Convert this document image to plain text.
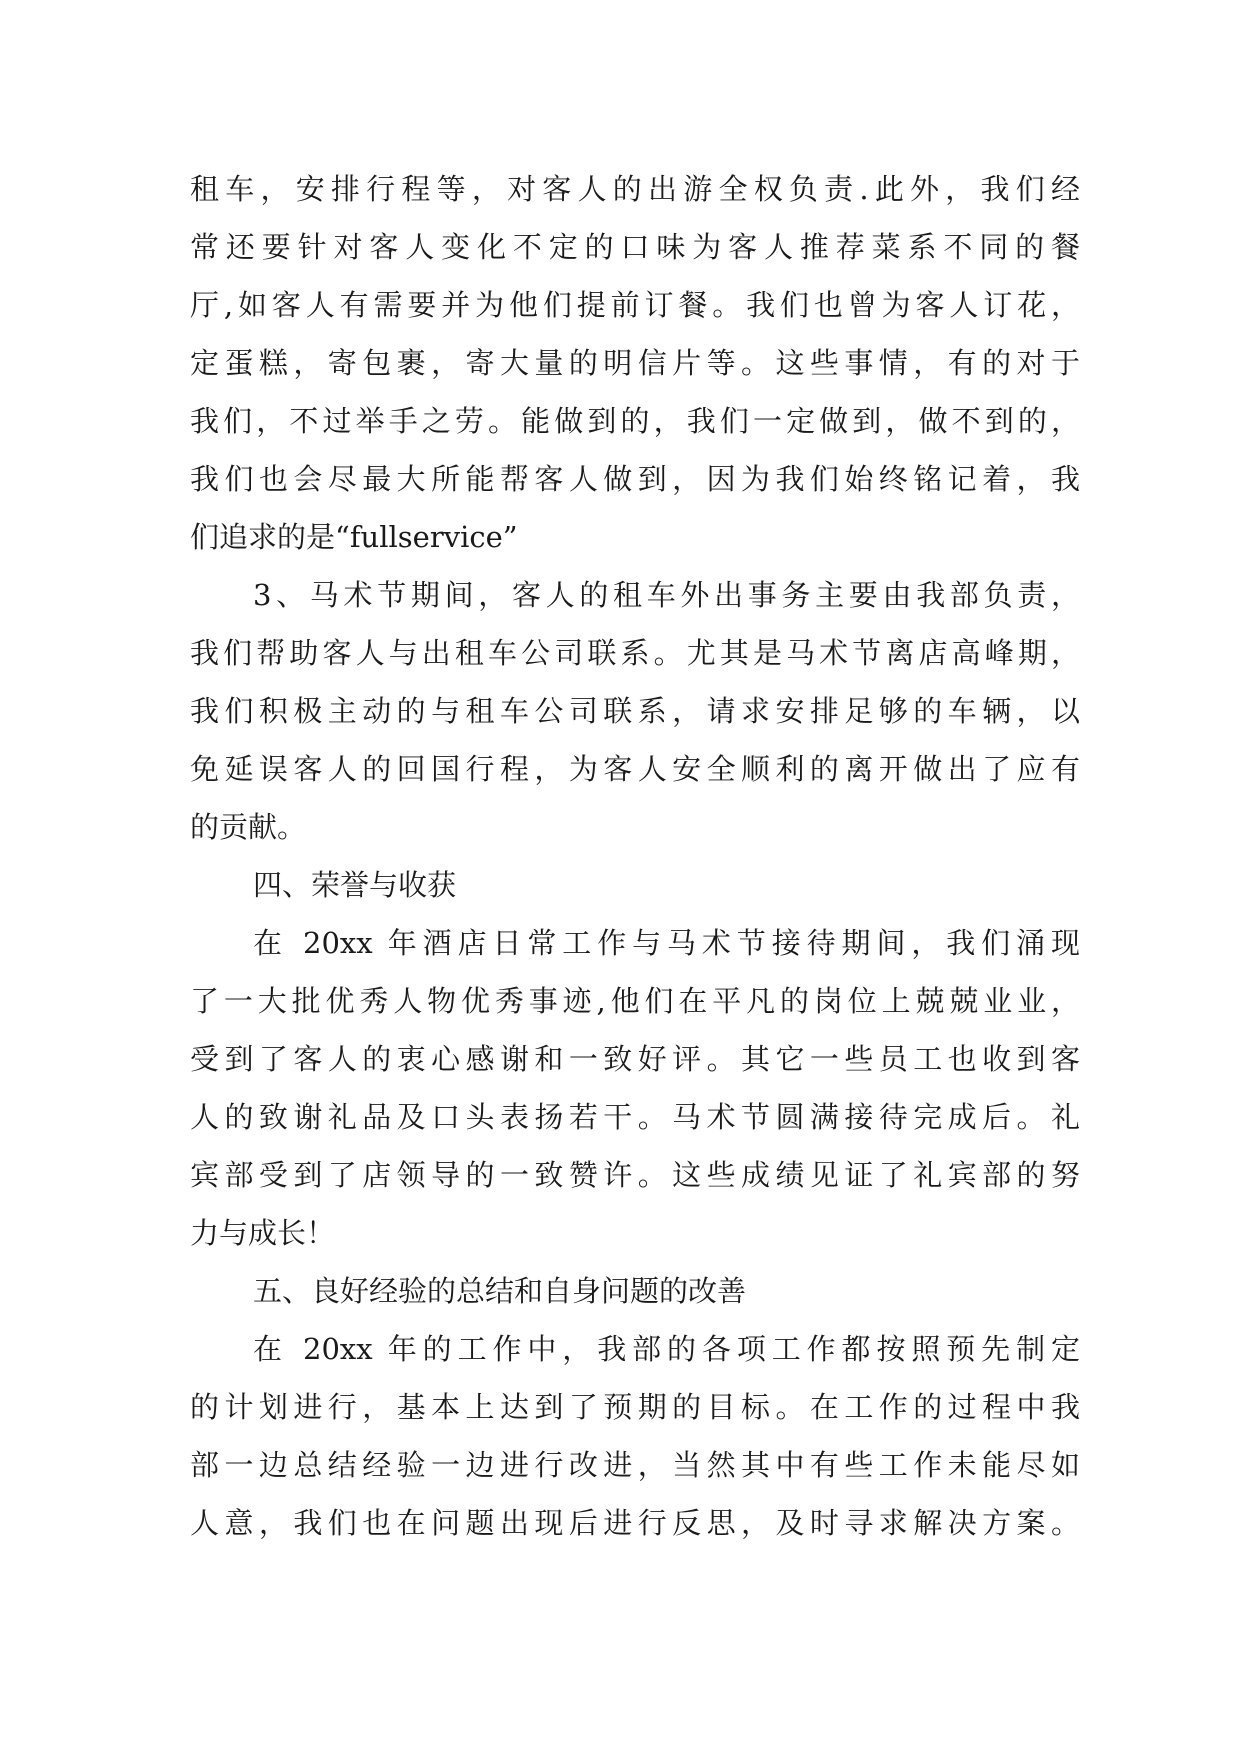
租车，安排行程等，对客人的出游全权负责.此外，我们经
常还要针对客人变化不定的口味为客人推荐菜系不同的餐
厅,如客人有需要并为他们提前订餐。我们也曾为客人订花，
定蛋糕，寄包裹，寄大量的明信片等。这些事情，有的对于
我们，不过举手之劳。能做到的，我们一定做到，做不到的，
我们也会尽最大所能帮客人做到，因为我们始终铭记着，我
们追求的是“fullservice”
3、马术节期间，客人的租车外出事务主要由我部负责，
我们帮助客人与出租车公司联系。尤其是马术节离店高峰期，
我们积极主动的与租车公司联系，请求安排足够的车辆，以
免延误客人的回国行程，为客人安全顺利的离开做出了应有
的贡献。
四、荣誉与收获
在 20xx 年酒店日常工作与马术节接待期间，我们涌现
了一大批优秀人物优秀事迹,他们在平凡的岗位上兢兢业业，
受到了客人的衷心感谢和一致好评。其它一些员工也收到客
人的致谢礼品及口头表扬若干。马术节圆满接待完成后。礼
宾部受到了店领导的一致赞许。这些成绩见证了礼宾部的努
力与成长！
五、良好经验的总结和自身问题的改善
在 20xx 年的工作中，我部的各项工作都按照预先制定
的计划进行，基本上达到了预期的目标。在工作的过程中我
部一边总结经验一边进行改进，当然其中有些工作未能尽如
人意，我们也在问题出现后进行反思，及时寻求解决方案。
